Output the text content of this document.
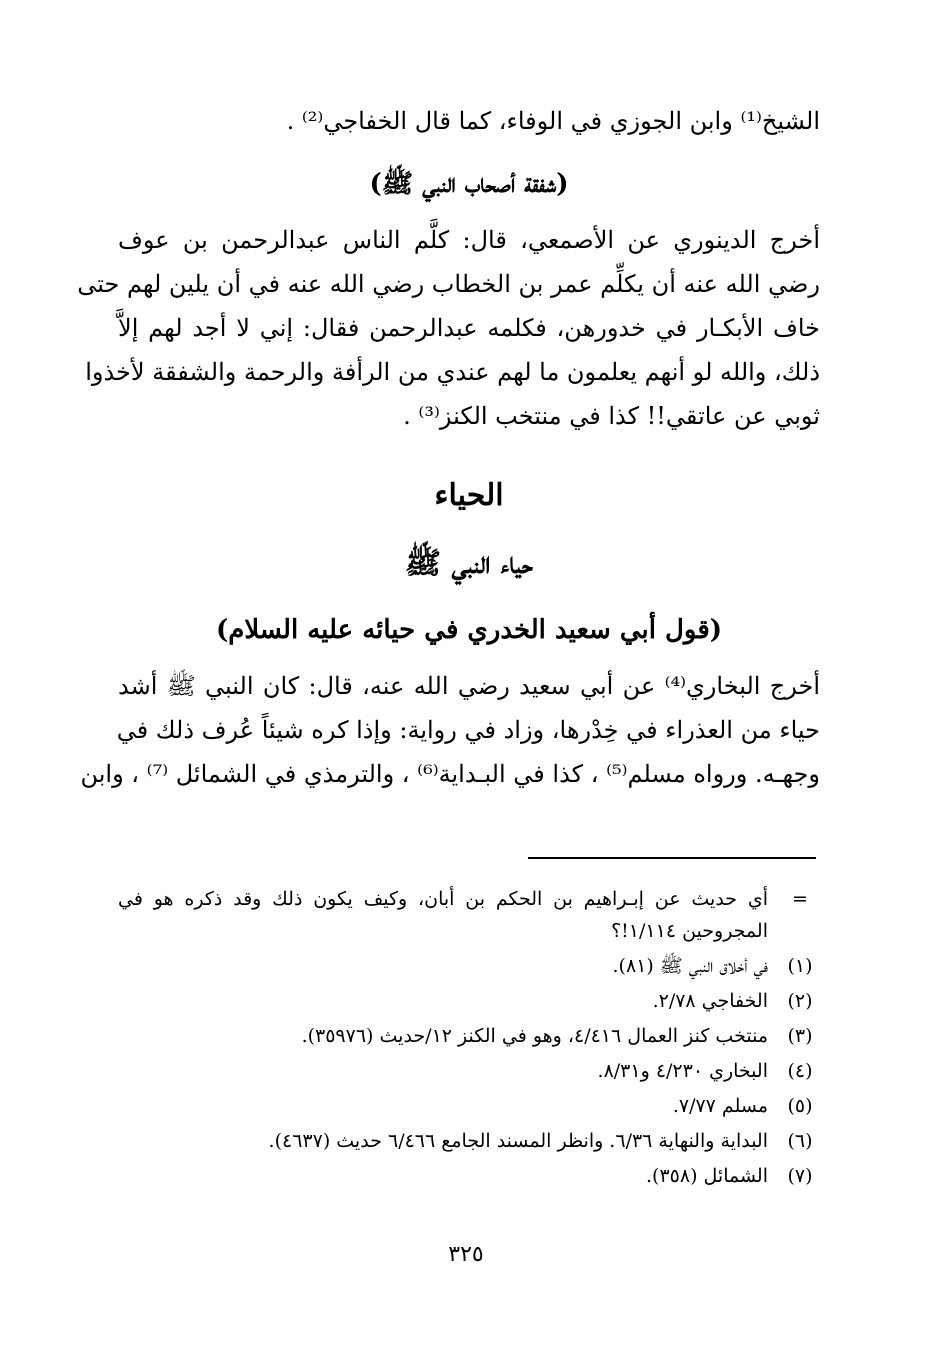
الشيخ⁽¹⁾ وابن الجوزي في الوفاء، كما قال الخفاجي⁽²⁾ .
(شفقة أصحاب النبي ﷺ)
أخرج الدينوري عن الأصمعي، قال: كلَّم الناس عبدالرحمن بن عوف
رضي الله عنه أن يكلِّم عمر بن الخطاب رضي الله عنه في أن يلين لهم حتى
خاف الأبكـار في خدورهن، فكلمه عبدالرحمن فقال: إني لا أجد لهم إلاَّ
ذلك، والله لو أنهم يعلمون ما لهم عندي من الرأفة والرحمة والشفقة لأخذوا
ثوبي عن عاتقي!! كذا في منتخب الكنز⁽³⁾ .
الحياء
حياء النبي ﷺ
(قول أبي سعيد الخدري في حيائه عليه السلام)
أخرج البخاري⁽⁴⁾ عن أبي سعيد رضي الله عنه، قال: كان النبي ﷺ أشد
حياء من العذراء في خِدْرها، وزاد في رواية: وإذا كره شيئاً عُرف ذلك في
وجهـه. ورواه مسلم⁽⁵⁾ ، كذا في البـداية⁽⁶⁾ ، والترمذي في الشمائل ⁽⁷⁾ ، وابن
=
أي حديث عن إبـراهيم بن الحكم بن أبان، وكيف يكون ذلك وقد ذكره هو في
المجروحين ١/١١٤!؟
(١)
في أخلاق النبي ﷺ (٨١).
(٢)
الخفاجي ٢/٧٨.
(٣)
منتخب كنز العمال ٤/٤١٦، وهو في الكنز ١٢/حديث (٣٥٩٧٦).
(٤)
البخاري ٤/٢٣٠ و٨/٣١.
(٥)
مسلم ٧/٧٧.
(٦)
البداية والنهاية ٦/٣٦. وانظر المسند الجامع ٦/٤٦٦ حديث (٤٦٣٧).
(٧)
الشمائل (٣٥٨).
٣٢٥
